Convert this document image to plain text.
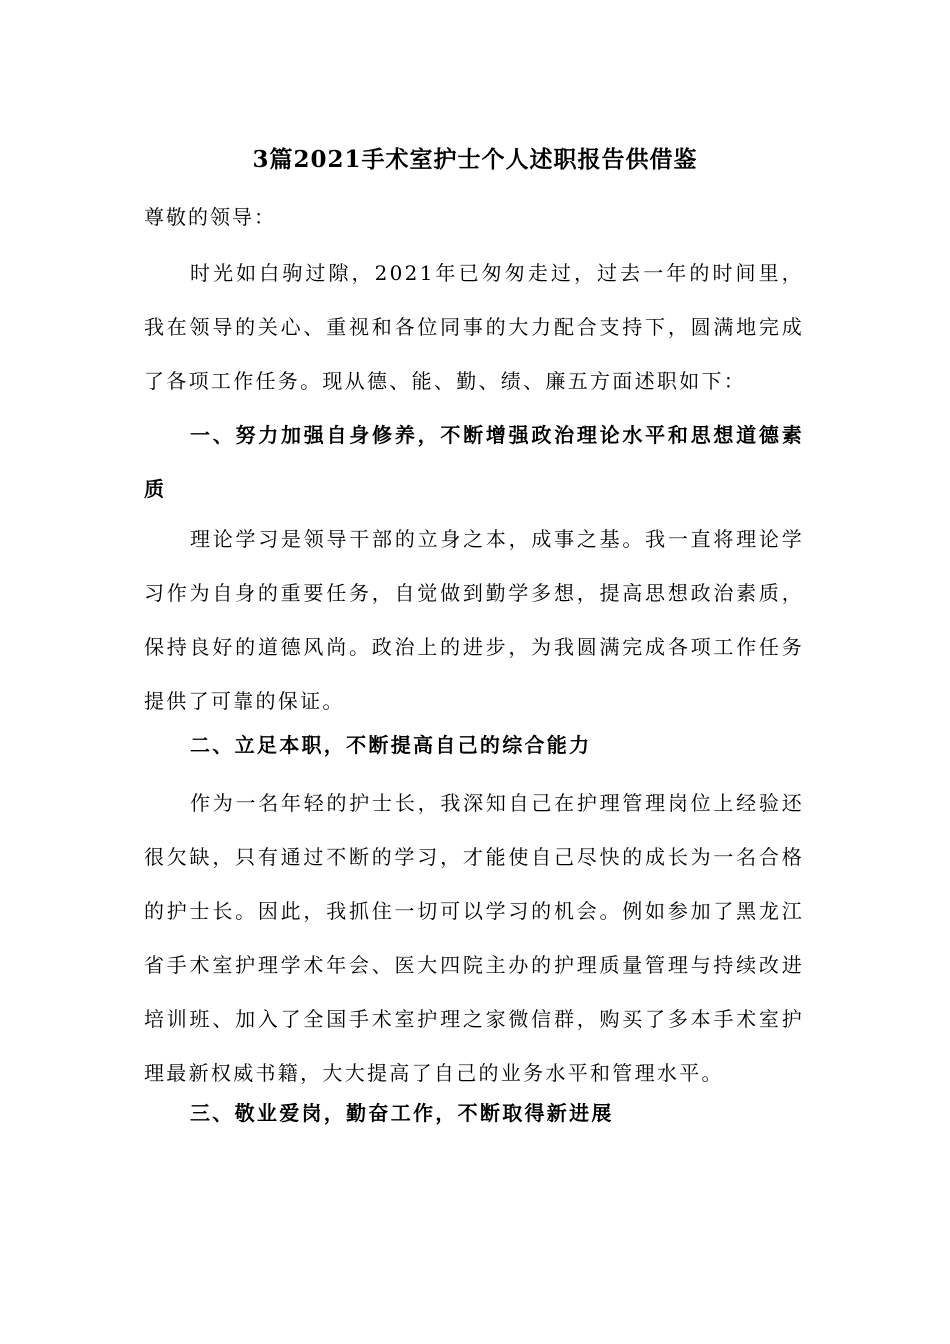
3篇2021手术室护士个人述职报告供借鉴
尊敬的领导：
时光如白驹过隙，2021年已匆匆走过，过去一年的时间里，我在领导的关心、重视和各位同事的大力配合支持下，圆满地完成了各项工作任务。现从德、能、勤、绩、廉五方面述职如下：
一、努力加强自身修养，不断增强政治理论水平和思想道德素质
理论学习是领导干部的立身之本，成事之基。我一直将理论学习作为自身的重要任务，自觉做到勤学多想，提高思想政治素质，保持良好的道德风尚。政治上的进步，为我圆满完成各项工作任务提供了可靠的保证。
二、立足本职，不断提高自己的综合能力
作为一名年轻的护士长，我深知自己在护理管理岗位上经验还很欠缺，只有通过不断的学习，才能使自己尽快的成长为一名合格的护士长。因此，我抓住一切可以学习的机会。例如参加了黑龙江省手术室护理学术年会、医大四院主办的护理质量管理与持续改进培训班、加入了全国手术室护理之家微信群，购买了多本手术室护理最新权威书籍，大大提高了自己的业务水平和管理水平。
三、敬业爱岗，勤奋工作，不断取得新进展
